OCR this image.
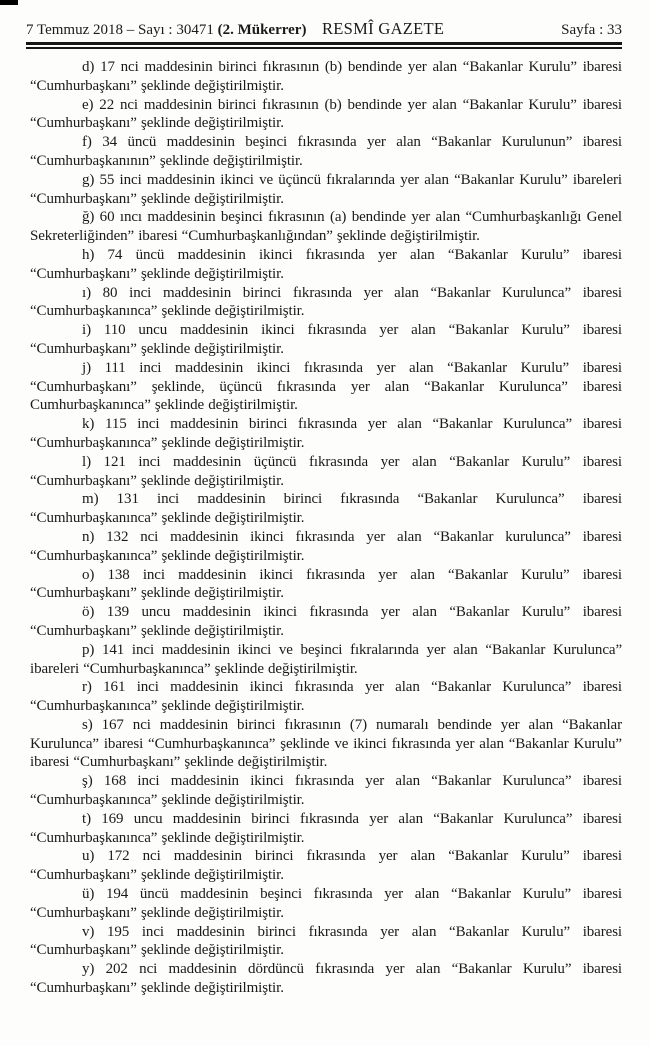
7 Temmuz 2018 – Sayı : 30471 (2. Mükerrer) RESMÎ GAZETE	Sayfa : 33

d) 17 nci maddesinin birinci fıkrasının (b) bendinde yer alan “Bakanlar Kurulu” ibaresi “Cumhurbaşkanı” şeklinde değiştirilmiştir.

e) 22 nci maddesinin birinci fıkrasının (b) bendinde yer alan “Bakanlar Kurulu” ibaresi “Cumhurbaşkanı” şeklinde değiştirilmiştir.

f) 34 üncü maddesinin beşinci fıkrasında yer alan “Bakanlar Kurulunun” ibaresi “Cumhurbaşkanının” şeklinde değiştirilmiştir.

g) 55 inci maddesinin ikinci ve üçüncü fıkralarında yer alan “Bakanlar Kurulu” ibareleri “Cumhurbaşkanı” şeklinde değiştirilmiştir.

ğ) 60 ıncı maddesinin beşinci fıkrasının (a) bendinde yer alan “Cumhurbaşkanlığı Genel Sekreterliğinden” ibaresi “Cumhurbaşkanlığından” şeklinde değiştirilmiştir.

h) 74 üncü maddesinin ikinci fıkrasında yer alan “Bakanlar Kurulu” ibaresi “Cumhurbaşkanı” şeklinde değiştirilmiştir.

ı) 80 inci maddesinin birinci fıkrasında yer alan “Bakanlar Kurulunca” ibaresi “Cumhurbaşkanınca” şeklinde değiştirilmiştir.

i) 110 uncu maddesinin ikinci fıkrasında yer alan “Bakanlar Kurulu” ibaresi “Cumhurbaşkanı” şeklinde değiştirilmiştir.

j) 111 inci maddesinin ikinci fıkrasında yer alan “Bakanlar Kurulu” ibaresi “Cumhurbaşkanı” şeklinde, üçüncü fıkrasında yer alan “Bakanlar Kurulunca” ibaresi Cumhurbaşkanınca” şeklinde değiştirilmiştir.

k) 115 inci maddesinin birinci fıkrasında yer alan “Bakanlar Kurulunca” ibaresi “Cumhurbaşkanınca” şeklinde değiştirilmiştir.

l) 121 inci maddesinin üçüncü fıkrasında yer alan “Bakanlar Kurulu” ibaresi “Cumhurbaşkanı” şeklinde değiştirilmiştir.

m) 131 inci maddesinin birinci fıkrasında “Bakanlar Kurulunca” ibaresi “Cumhurbaşkanınca” şeklinde değiştirilmiştir.

n) 132 nci maddesinin ikinci fıkrasında yer alan “Bakanlar kurulunca” ibaresi “Cumhurbaşkanınca” şeklinde değiştirilmiştir.

o) 138 inci maddesinin ikinci fıkrasında yer alan “Bakanlar Kurulu” ibaresi “Cumhurbaşkanı” şeklinde değiştirilmiştir.

ö) 139 uncu maddesinin ikinci fıkrasında yer alan “Bakanlar Kurulu” ibaresi “Cumhurbaşkanı” şeklinde değiştirilmiştir.

p) 141 inci maddesinin ikinci ve beşinci fıkralarında yer alan “Bakanlar Kurulunca” ibareleri “Cumhurbaşkanınca” şeklinde değiştirilmiştir.

r) 161 inci maddesinin ikinci fıkrasında yer alan “Bakanlar Kurulunca” ibaresi “Cumhurbaşkanınca” şeklinde değiştirilmiştir.

s) 167 nci maddesinin birinci fıkrasının (7) numaralı bendinde yer alan “Bakanlar Kurulunca” ibaresi “Cumhurbaşkanınca” şeklinde ve ikinci fıkrasında yer alan “Bakanlar Kurulu” ibaresi “Cumhurbaşkanı” şeklinde değiştirilmiştir.

ş) 168 inci maddesinin ikinci fıkrasında yer alan “Bakanlar Kurulunca” ibaresi “Cumhurbaşkanınca” şeklinde değiştirilmiştir.

t) 169 uncu maddesinin birinci fıkrasında yer alan “Bakanlar Kurulunca” ibaresi “Cumhurbaşkanınca” şeklinde değiştirilmiştir.

u) 172 nci maddesinin birinci fıkrasında yer alan “Bakanlar Kurulu” ibaresi “Cumhurbaşkanı” şeklinde değiştirilmiştir.

ü) 194 üncü maddesinin beşinci fıkrasında yer alan “Bakanlar Kurulu” ibaresi “Cumhurbaşkanı” şeklinde değiştirilmiştir.

v) 195 inci maddesinin birinci fıkrasında yer alan “Bakanlar Kurulu” ibaresi “Cumhurbaşkanı” şeklinde değiştirilmiştir.

y) 202 nci maddesinin dördüncü fıkrasında yer alan “Bakanlar Kurulu” ibaresi “Cumhurbaşkanı” şeklinde değiştirilmiştir.
